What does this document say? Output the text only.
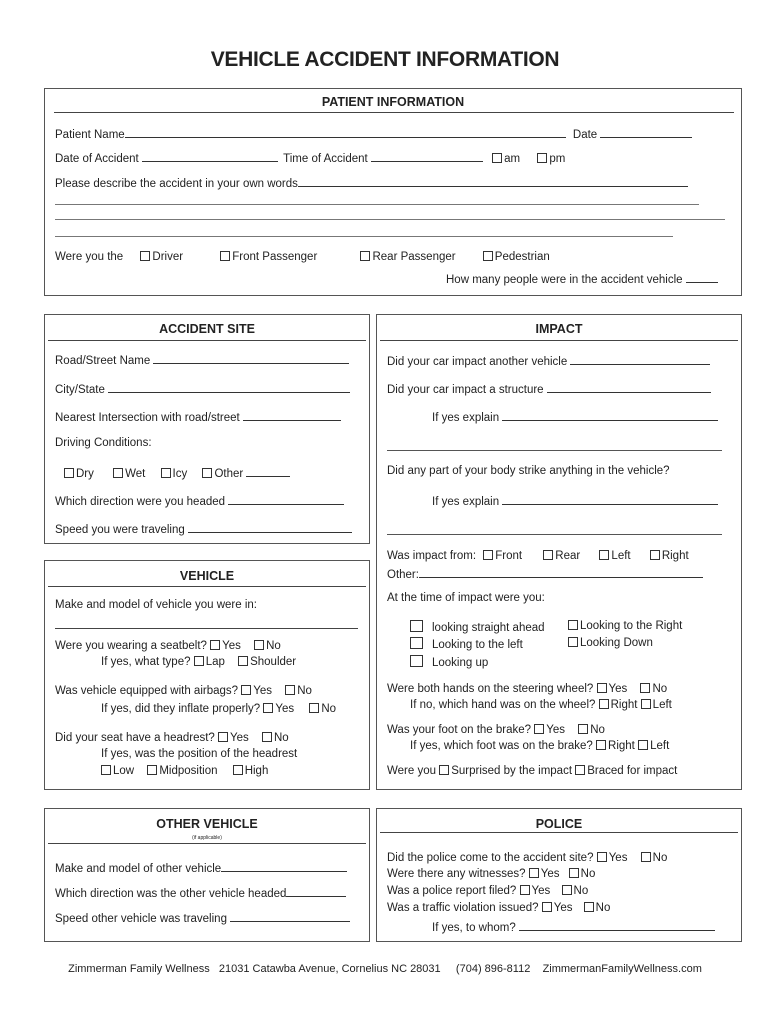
VEHICLE ACCIDENT INFORMATION
PATIENT INFORMATION
Patient Name	Date
Date of Accident	Time of Accident	am	pm
Please describe the accident in your own words
Were you the	Driver	Front Passenger	Rear Passenger	Pedestrian
How many people were in the accident vehicle
ACCIDENT SITE
Road/Street Name
City/State
Nearest Intersection with road/street
Driving Conditions:
Dry	Wet Icy Other
Which direction were you headed
Speed you were traveling
IMPACT
Did your car impact another vehicle
Did your car impact a structure
If yes explain
Did any part of your body strike anything in the vehicle?
If yes explain
Was impact from: Front	Rear	Left	Right
Other:
At the time of impact were you:
looking straight ahead	Looking to the Right
Looking to the left	Looking Down
Looking up
Were both hands on the steering wheel? Yes No
If no, which hand was on the wheel? Right Left
Was your foot on the brake? Yes No
If yes, which foot was on the brake? Right Left
Were you Surprised by the impact Braced for impact
VEHICLE
Make and model of vehicle you were in:
Were you wearing a seatbelt? Yes No
If yes, what type? Lap Shoulder
Was vehicle equipped with airbags? Yes No
If yes, did they inflate properly? Yes No
Did your seat have a headrest? Yes No
If yes, was the position of the headrest
Low Midposition High
OTHER VEHICLE
(if applicable)
Make and model of other vehicle
Which direction was the other vehicle headed
Speed other vehicle was traveling
POLICE
Did the police come to the accident site? Yes No
Were there any witnesses? Yes No
Was a police report filed? Yes No
Was a traffic violation issued? Yes No
If yes, to whom?
Zimmerman Family Wellness   21031 Catawba Avenue, Cornelius NC 28031     (704) 896-8112    ZimmermanFamilyWellness.com
